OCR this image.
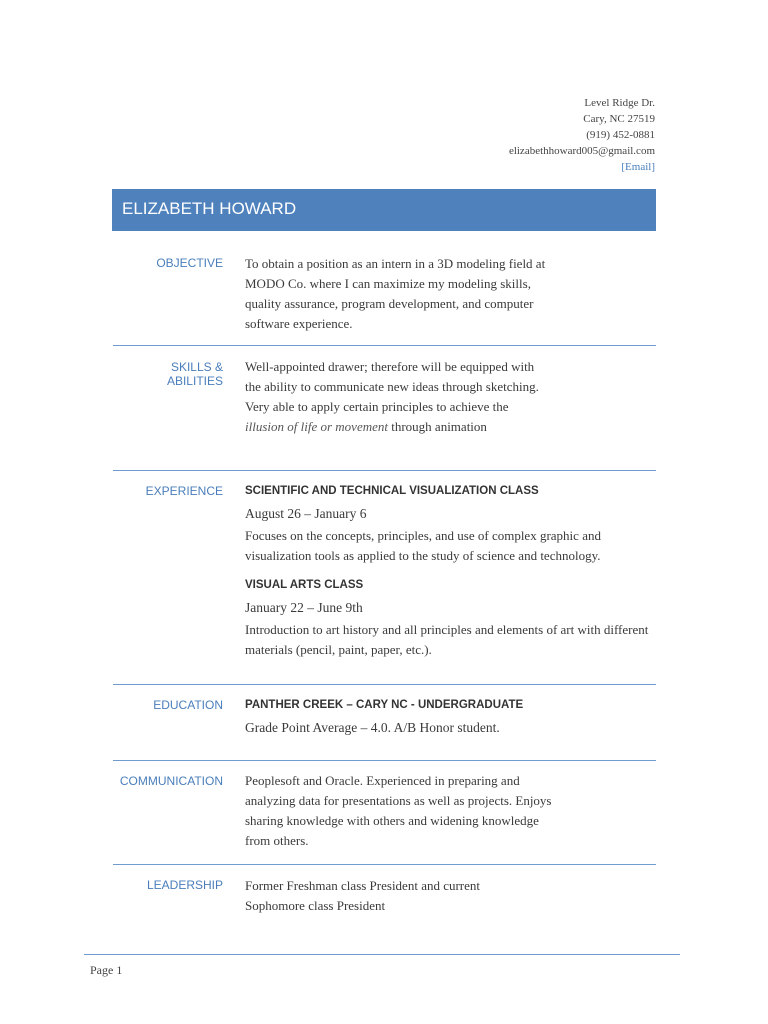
Level Ridge Dr.
Cary, NC 27519
(919) 452-0881
elizabethhoward005@gmail.com
[Email]
ELIZABETH HOWARD
OBJECTIVE To obtain a position as an intern in a 3D modeling field at MODO Co. where I can maximize my modeling skills, quality assurance, program development, and computer software experience.
SKILLS & ABILITIES
Well-appointed drawer; therefore will be equipped with the ability to communicate new ideas through sketching. Very able to apply certain principles to achieve the illusion of life or movement through animation
EXPERIENCE SCIENTIFIC AND TECHNICAL VISUALIZATION CLASS
August 26 – January 6
Focuses on the concepts, principles, and use of complex graphic and visualization tools as applied to the study of science and technology.
VISUAL ARTS CLASS
January 22 – June 9th
Introduction to art history and all principles and elements of art with different materials (pencil, paint, paper, etc.).
EDUCATION PANTHER CREEK – CARY NC - UNDERGRADUATE
Grade Point Average – 4.0. A/B Honor student.
COMMUNICATION Peoplesoft and Oracle. Experienced in preparing and analyzing data for presentations as well as projects. Enjoys sharing knowledge with others and widening knowledge from others.
LEADERSHIP Former Freshman class President and current Sophomore class President
Page 1
